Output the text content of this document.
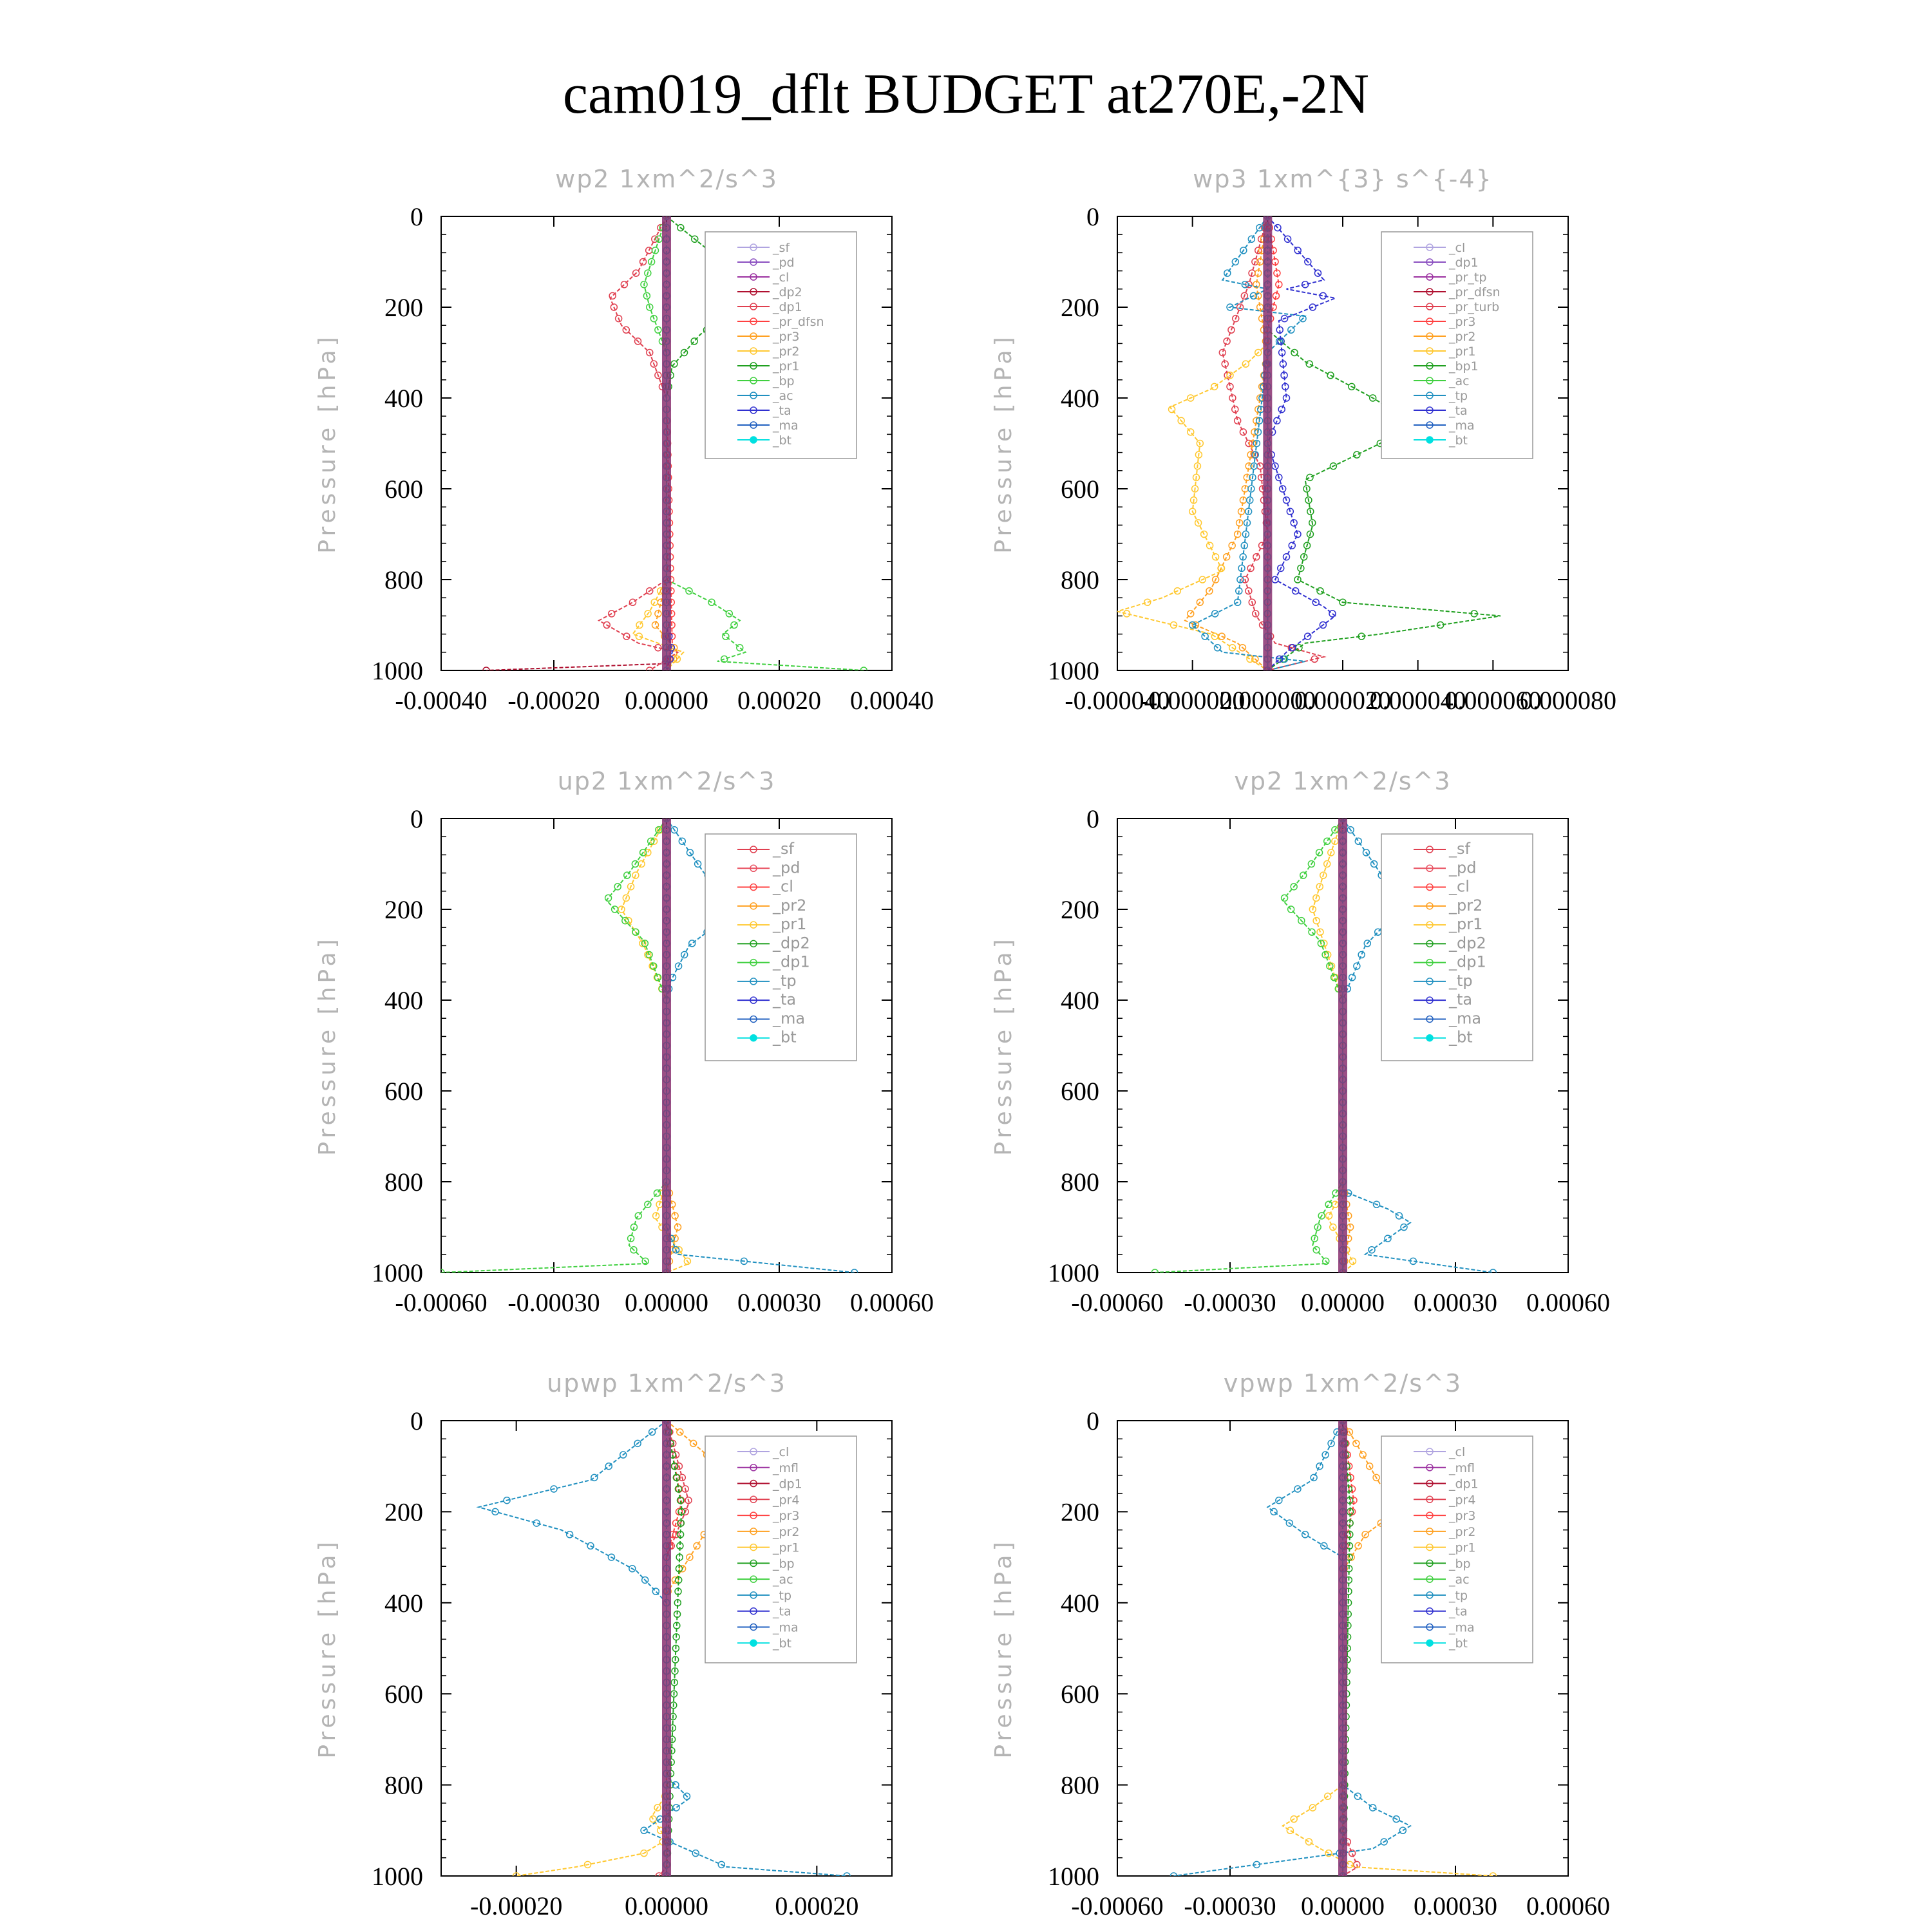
cam019_dflt BUDGET at270E,-2N
wp2 1xm^2/s^3
Pressure [hPa]
0
200
400
600
800
1000
-0.00040 -0.00020 0.00000 0.00020 0.00040
_sf
_pd
_cl
_dp2
_dp1
_pr_dfsn
_pr3
_pr2
_pr1
_bp
_ac
_ta
_ma
_bt
wp3 1xm^{3} s^{-4}
Pressure [hPa]
0
200
400
600
800
1000
-0.000040
-0.000020
0.000000
0.000020
0.000040
0.000060
0.000080
_cl
_dp1
_pr_tp
_pr_dfsn
_pr_turb
_pr3
_pr2
_pr1
_bp1
_ac
_tp
_ta
_ma
_bt
up2 1xm^2/s^3
Pressure [hPa]
0
200
400
600
800
1000
-0.00060 -0.00030 0.00000 0.00030 0.00060
_sf
_pd
_cl
_pr2
_pr1
_dp2
_dp1
_tp
_ta
_ma
_bt
vp2 1xm^2/s^3
Pressure [hPa]
0
200
400
600
800
1000
-0.00060 -0.00030 0.00000 0.00030 0.00060
_sf
_pd
_cl
_pr2
_pr1
_dp2
_dp1
_tp
_ta
_ma
_bt
upwp 1xm^2/s^3
Pressure [hPa]
0
200
400
600
800
1000
-0.00020 0.00000	0.00020
_cl
_mfl
_dp1
_pr4
_pr3
_pr2
_pr1
_bp
_ac
_tp
_ta
_ma
_bt
vpwp 1xm^2/s^3
Pressure [hPa]
0
200
400
600
800
1000
-0.00060 -0.00030 0.00000 0.00030 0.00060
_cl
_mfl
_dp1
_pr4
_pr3
_pr2
_pr1
_bp
_ac
_tp
_ta
_ma
_bt
